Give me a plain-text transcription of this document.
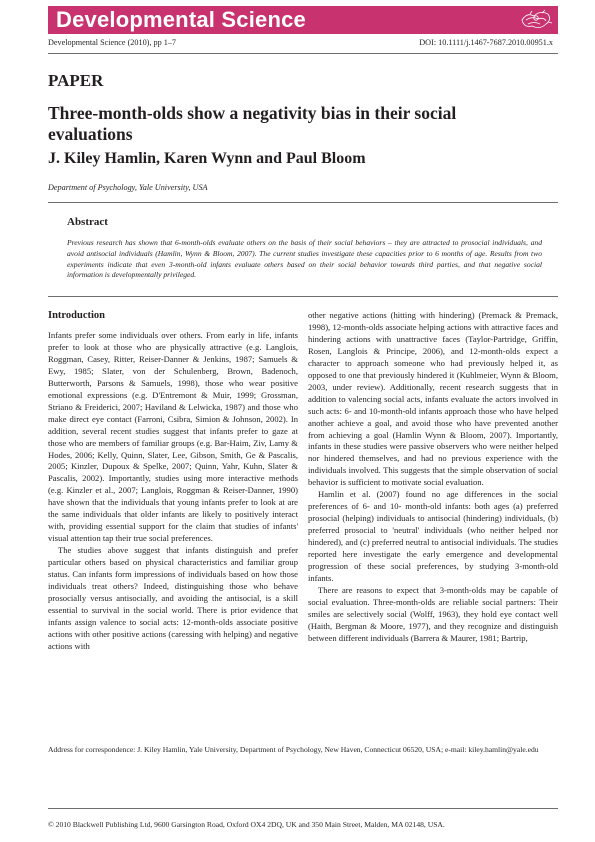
Developmental Science
Developmental Science (2010), pp 1–7	DOI: 10.1111/j.1467-7687.2010.00951.x
PAPER
Three-month-olds show a negativity bias in their social evaluations
J. Kiley Hamlin, Karen Wynn and Paul Bloom
Department of Psychology, Yale University, USA
Abstract
Previous research has shown that 6-month-olds evaluate others on the basis of their social behaviors – they are attracted to prosocial individuals, and avoid antisocial individuals (Hamlin, Wynn & Bloom, 2007). The current studies investigate these capacities prior to 6 months of age. Results from two experiments indicate that even 3-month-old infants evaluate others based on their social behavior towards third parties, and that negative social information is developmentally privileged.
Introduction

Infants prefer some individuals over others. From early in life, infants prefer to look at those who are physically attractive (e.g. Langlois, Roggman, Casey, Ritter, Reiser-Danner & Jenkins, 1987; Samuels & Ewy, 1985; Slater, von der Schulenberg, Brown, Badenoch, Butterworth, Parsons & Samuels, 1998), those who wear positive emotional expressions (e.g. D'Entremont & Muir, 1999; Grossman, Striano & Freiderici, 2007; Haviland & Lelwicka, 1987) and those who make direct eye contact (Farroni, Csibra, Simion & Johnson, 2002). In addition, several recent studies suggest that infants prefer to gaze at those who are members of familiar groups (e.g. Bar-Haim, Ziv, Lamy & Hodes, 2006; Kelly, Quinn, Slater, Lee, Gibson, Smith, Ge & Pascalis, 2005; Kinzler, Dupoux & Spelke, 2007; Quinn, Yahr, Kuhn, Slater & Pascalis, 2002). Importantly, studies using more interactive methods (e.g. Kinzler et al., 2007; Langlois, Roggman & Reiser-Danner, 1990) have shown that the individuals that young infants prefer to look at are the same individuals that older infants are likely to positively interact with, providing essential support for the claim that studies of infants' visual attention tap their true social preferences.

The studies above suggest that infants distinguish and prefer particular others based on physical characteristics and familiar group status. Can infants form impressions of individuals based on how those individuals treat others? Indeed, distinguishing those who behave prosocially versus antisocially, and avoiding the antisocial, is a skill essential to survival in the social world. There is prior evidence that infants assign valence to social acts: 12-month-olds associate positive actions with other positive actions (caressing with helping) and negative actions with

other negative actions (hitting with hindering) (Premack & Premack, 1998), 12-month-olds associate helping actions with attractive faces and hindering actions with unattractive faces (Taylor-Partridge, Griffin, Rosen, Langlois & Principe, 2006), and 12-month-olds expect a character to approach someone who had previously helped it, as opposed to one that previously hindered it (Kuhlmeier, Wynn & Bloom, 2003, under review). Additionally, recent research suggests that in addition to valencing social acts, infants evaluate the actors involved in such acts: 6- and 10-month-old infants approach those who have helped another achieve a goal, and avoid those who have prevented another from achieving a goal (Hamlin Wynn & Bloom, 2007). Importantly, infants in these studies were passive observers who were neither helped nor hindered themselves, and had no previous experience with the individuals involved. This suggests that the simple observation of social behavior is sufficient to motivate social evaluation.

Hamlin et al. (2007) found no age differences in the social preferences of 6- and 10- month-old infants: both ages (a) preferred prosocial (helping) individuals to antisocial (hindering) individuals, (b) preferred prosocial to 'neutral' individuals (who neither helped nor hindered), and (c) preferred neutral to antisocial individuals. The studies reported here investigate the early emergence and developmental progression of these social preferences, by studying 3-month-old infants.

There are reasons to expect that 3-month-olds may be capable of social evaluation. Three-month-olds are reliable social partners: Their smiles are selectively social (Wolff, 1963), they hold eye contact well (Haith, Bergman & Moore, 1977), and they recognize and distinguish between different individuals (Barrera & Maurer, 1981; Bartrip,

Address for correspondence: J. Kiley Hamlin, Yale University, Department of Psychology, New Haven, Connecticut 06520, USA; e-mail: kiley.hamlin@yale.edu
© 2010 Blackwell Publishing Ltd, 9600 Garsington Road, Oxford OX4 2DQ, UK and 350 Main Street, Malden, MA 02148, USA.
